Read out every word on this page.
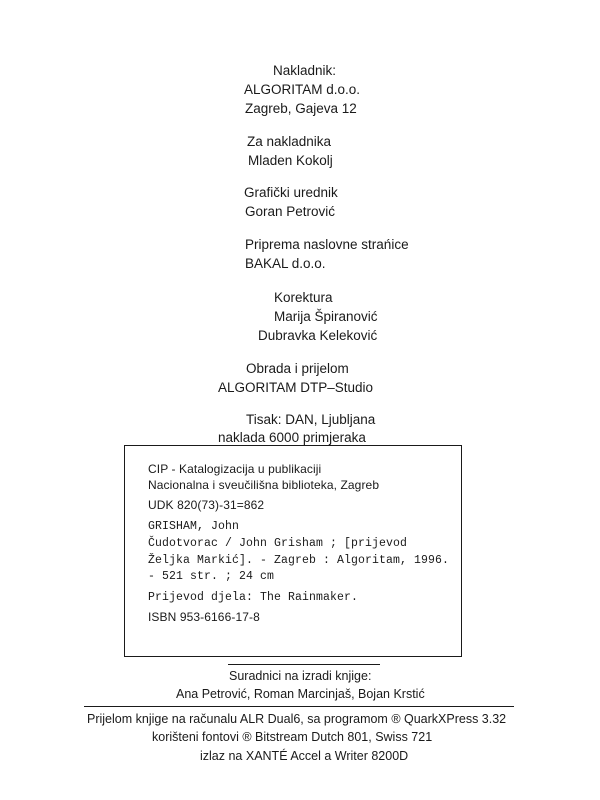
Nakladnik:
ALGORITAM d.o.o.
Zagreb, Gajeva 12
Za nakladnika
Mladen Kokolj
Grafički urednik
Goran Petrović
Priprema naslovne strańice
BAKAL d.o.o.
Korektura
Marija Špiranović
Dubravka Keleković
Obrada i prijelom
ALGORITAM DTP–Studio
Tisak: DAN, Ljubljana
naklada 6000 primjeraka
CIP - Katalogizacija u publikaciji
Nacionalna i sveučilišna biblioteka, Zagreb
UDK 820(73)-31=862
GRISHAM, John
Čudotvorac / John Grisham ; [prijevod
Željka Markić]. - Zagreb : Algoritam, 1996.
- 521 str. ; 24 cm
Prijevod djela: The Rainmaker.
ISBN 953-6166-17-8
Suradnici na izradi knjige:
Ana Petrović, Roman Marcinjaš, Bojan Krstić
Prijelom knjige na računalu ALR Dual6, sa programom ® QuarkXPress 3.32
korišteni fontovi ® Bitstream Dutch 801, Swiss 721
izlaz na XANTÉ Accel a Writer 8200D
